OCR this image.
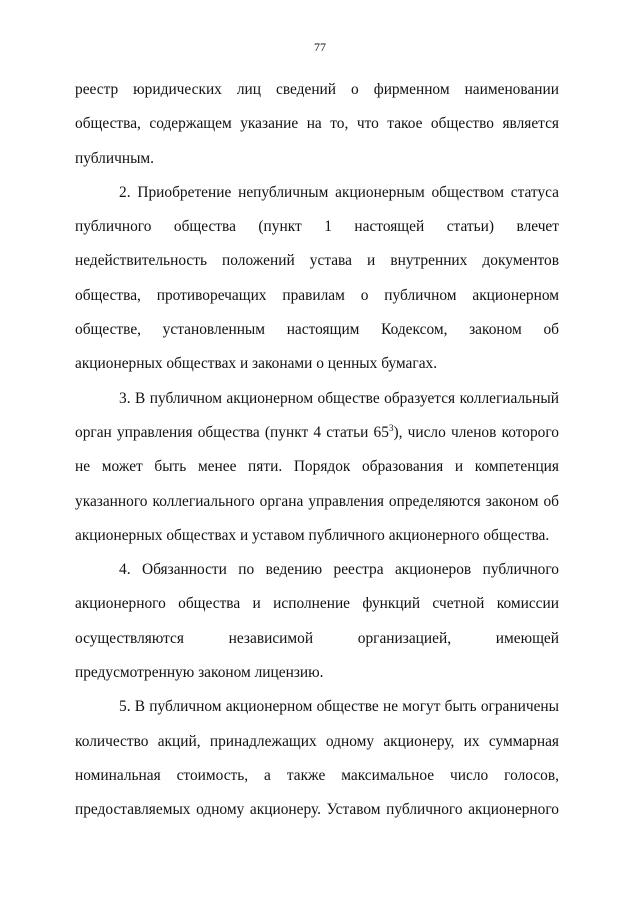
77

реестр юридических лиц сведений о фирменном наименовании общества, содержащем указание на то, что такое общество является публичным.

2. Приобретение непубличным акционерным обществом статуса публичного общества (пункт 1 настоящей статьи) влечет недействительность положений устава и внутренних документов общества, противоречащих правилам о публичном акционерном обществе, установленным настоящим Кодексом, законом об акционерных обществах и законами о ценных бумагах.

3. В публичном акционерном обществе образуется коллегиальный орган управления общества (пункт 4 статьи $65^3$), число членов которого не может быть менее пяти. Порядок образования и компетенция указанного коллегиального органа управления определяются законом об акционерных обществах и уставом публичного акционерного общества.

4. Обязанности по ведению реестра акционеров публичного акционерного общества и исполнение функций счетной комиссии осуществляются независимой организацией, имеющей предусмотренную законом лицензию.

5. В публичном акционерном обществе не могут быть ограничены количество акций, принадлежащих одному акционеру, их суммарная номинальная стоимость, а также максимальное число голосов, предоставляемых одному акционеру. Уставом публичного акционерного
